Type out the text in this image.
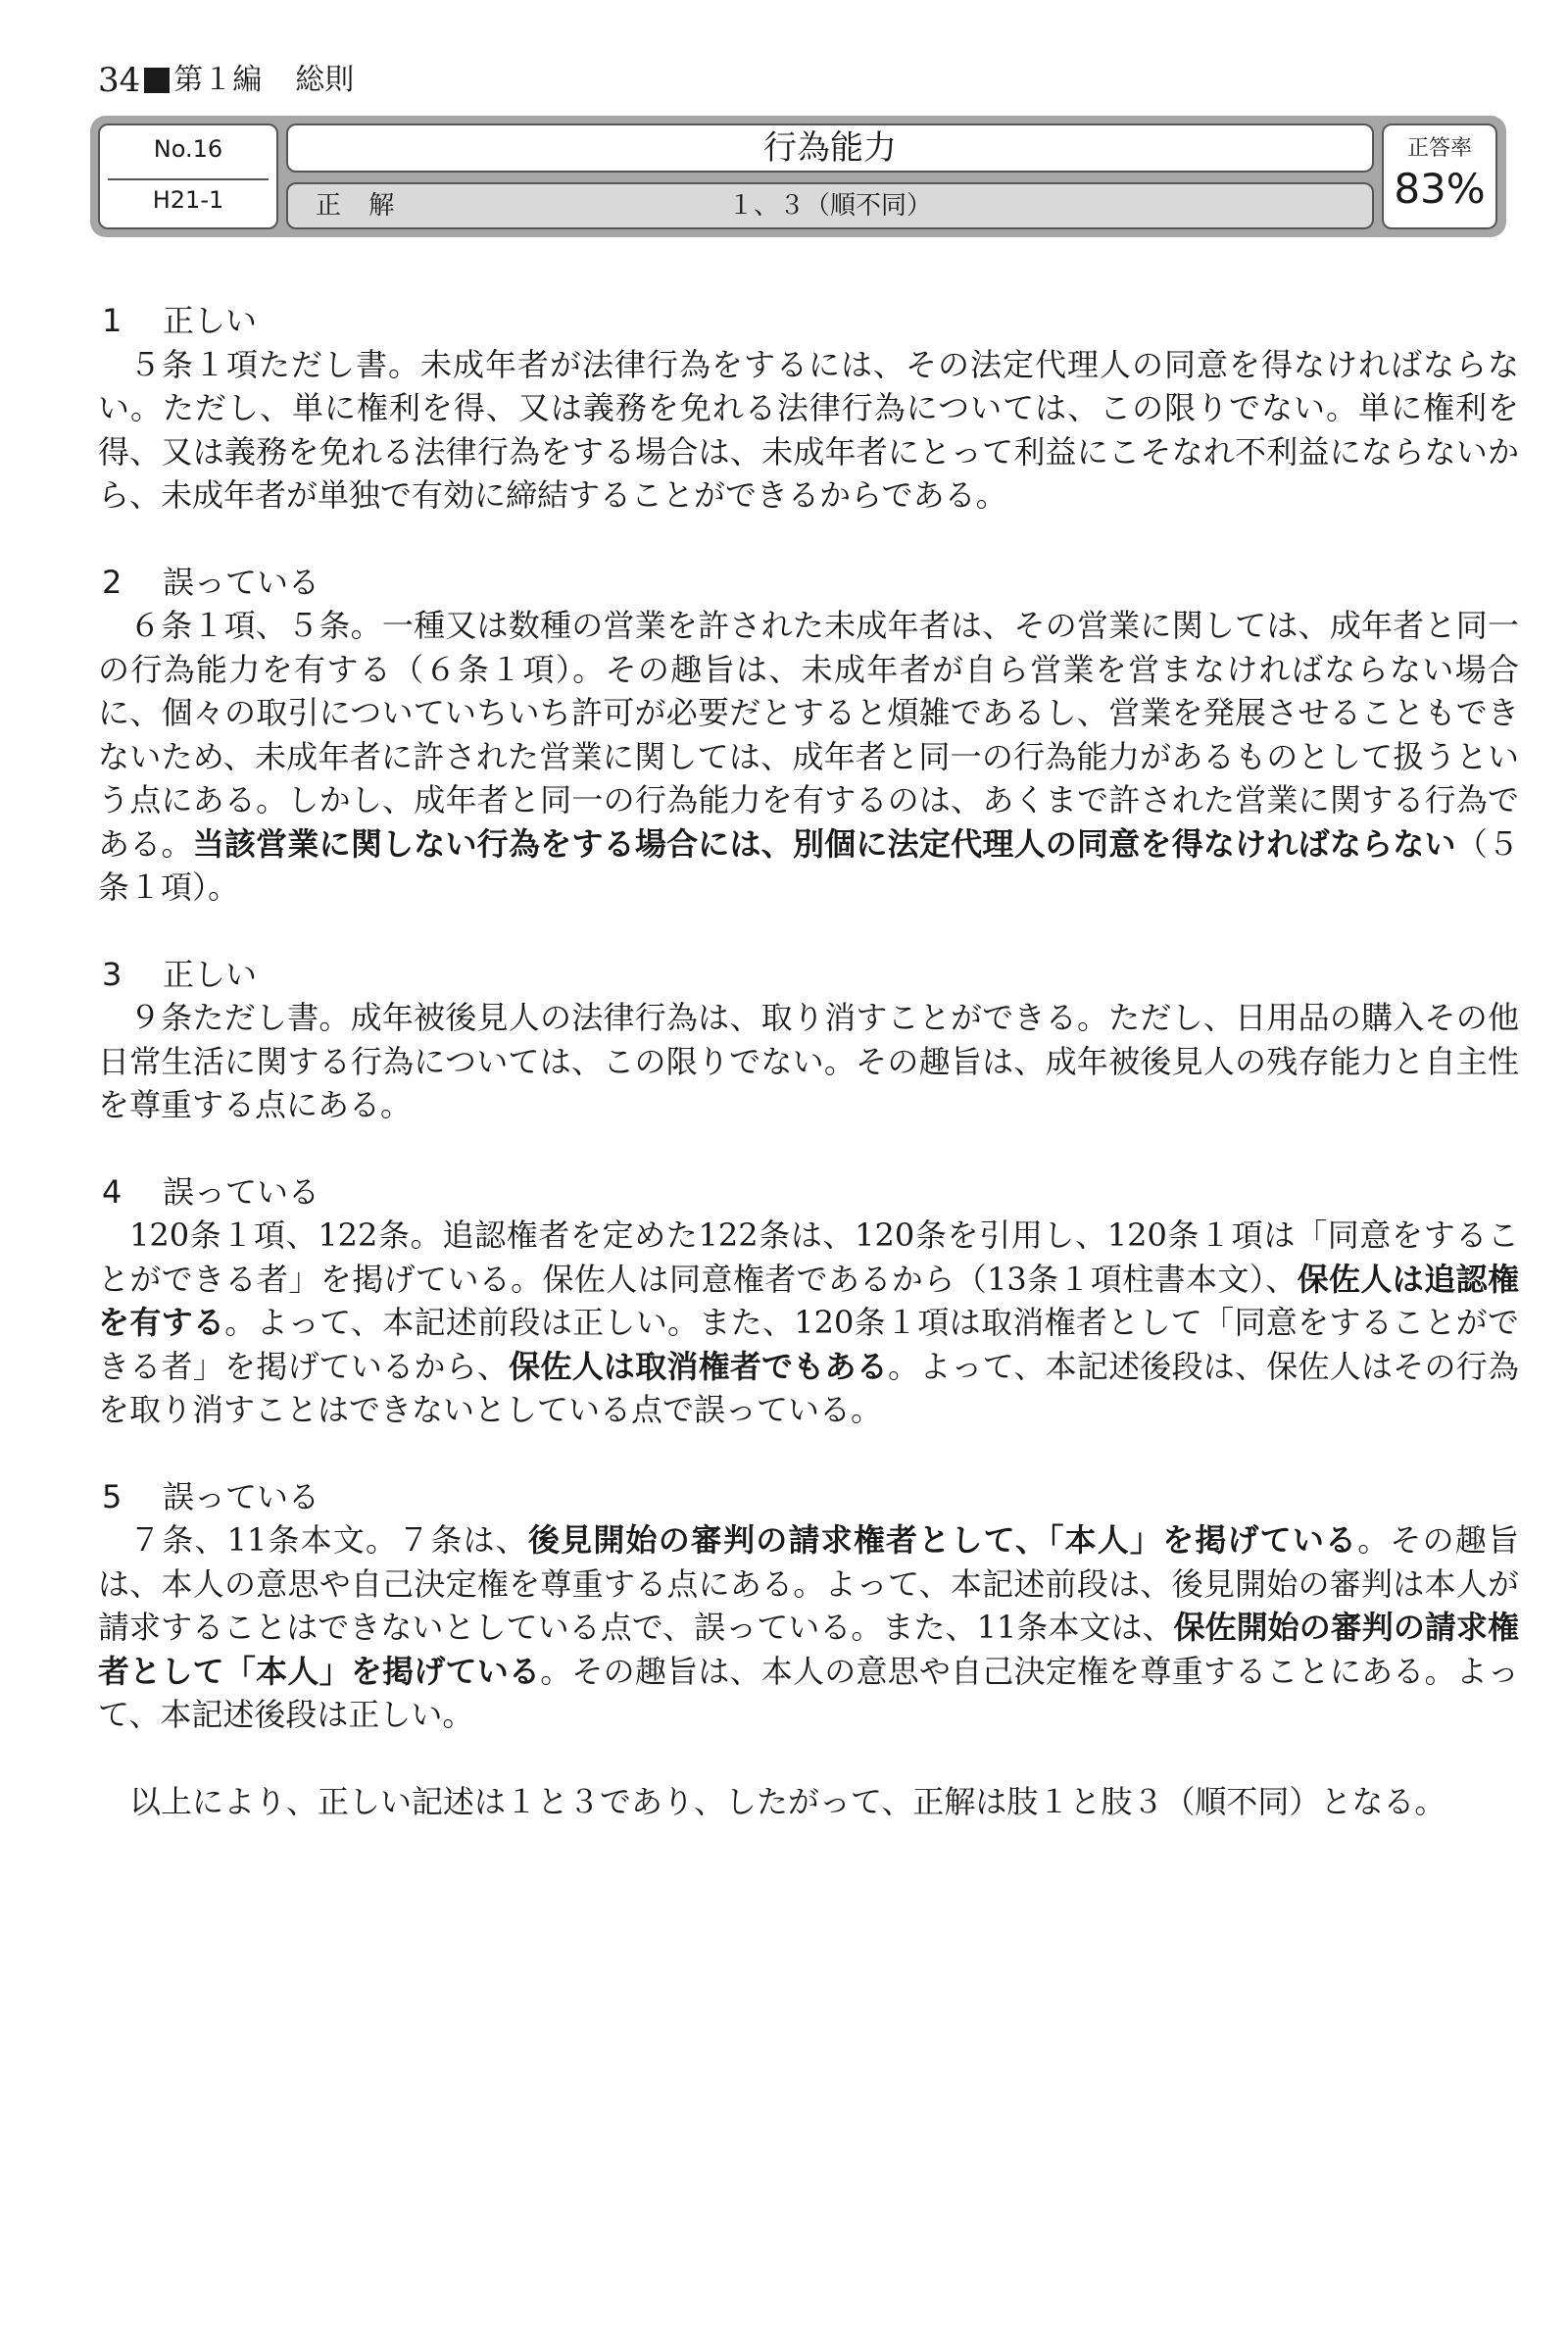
34 第１編 総則
No.16
H21-1
行為能力
正 解	１、３（順不同）
正答率
83%
1 正しい
５条１項ただし書。未成年者が法律行為をするには、その法定代理人の同意を得なければならない。ただし、単に権利を得、又は義務を免れる法律行為については、この限りでない。単に権利を得、又は義務を免れる法律行為をする場合は、未成年者にとって利益にこそなれ不利益にならないから、未成年者が単独で有効に締結することができるからである。
2 誤っている
６条１項、５条。一種又は数種の営業を許された未成年者は、その営業に関しては、成年者と同一の行為能力を有する（６条１項）。その趣旨は、未成年者が自ら営業を営まなければならない場合に、個々の取引についていちいち許可が必要だとすると煩雑であるし、営業を発展させることもできないため、未成年者に許された営業に関しては、成年者と同一の行為能力があるものとして扱うという点にある。しかし、成年者と同一の行為能力を有するのは、あくまで許された営業に関する行為である。当該営業に関しない行為をする場合には、別個に法定代理人の同意を得なければならない（５条１項）。
3 正しい
９条ただし書。成年被後見人の法律行為は、取り消すことができる。ただし、日用品の購入その他日常生活に関する行為については、この限りでない。その趣旨は、成年被後見人の残存能力と自主性を尊重する点にある。
4 誤っている
120条１項、122条。追認権者を定めた122条は、120条を引用し、120条１項は「同意をすることができる者」を掲げている。保佐人は同意権者であるから（13条１項柱書本文）、保佐人は追認権を有する。よって、本記述前段は正しい。また、120条１項は取消権者として「同意をすることができる者」を掲げているから、保佐人は取消権者でもある。よって、本記述後段は、保佐人はその行為を取り消すことはできないとしている点で誤っている。
5 誤っている
７条、11条本文。７条は、後見開始の審判の請求権者として、「本人」を掲げている。その趣旨は、本人の意思や自己決定権を尊重する点にある。よって、本記述前段は、後見開始の審判は本人が請求することはできないとしている点で、誤っている。また、11条本文は、保佐開始の審判の請求権者として「本人」を掲げている。その趣旨は、本人の意思や自己決定権を尊重することにある。よって、本記述後段は正しい。
以上により、正しい記述は１と３であり、したがって、正解は肢１と肢３（順不同）となる。
